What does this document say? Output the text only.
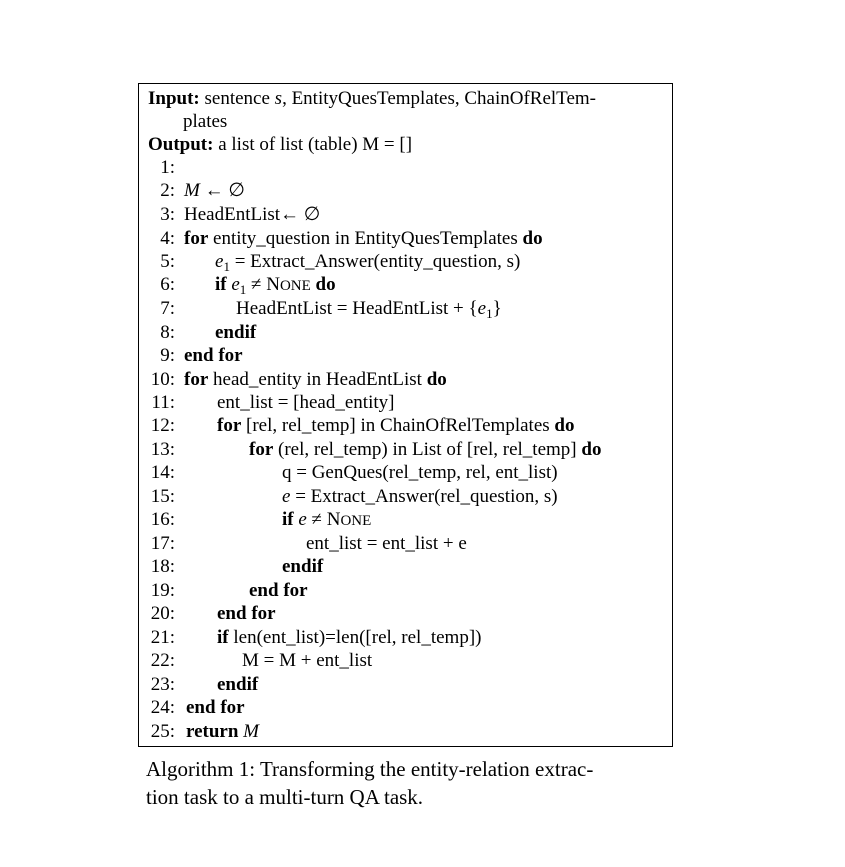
Input: sentence s, EntityQuesTemplates, ChainOfRelTem-
plates
Output: a list of list (table) M = []
1:
2: M ← ∅
3: HeadEntList← ∅
4: for entity_question in EntityQuesTemplates do
5: $e_1$ = Extract_Answer(entity_question, s)
6: if $e_1$ ≠ NONE do
7:	HeadEntList = HeadEntList + $\{e_1\}$
8: endif
9: end for
10: for head_entity in HeadEntList do
11: ent_list = [head_entity]
12: for [rel, rel_temp] in ChainOfRelTemplates do
13:	for (rel, rel_temp) in List of [rel, rel_temp] do
14:	q = GenQues(rel_temp, rel, ent_list)
15:	e = Extract_Answer(rel_question, s)
16:	if e ≠ NONE
17:	ent_list = ent_list + e
18:	endif
19:	end for
20: end for
21: if len(ent_list)=len([rel, rel_temp])
22:	M = M + ent_list
23: endif
24: end for
25: return M
Algorithm 1: Transforming the entity-relation extrac-
tion task to a multi-turn QA task.
